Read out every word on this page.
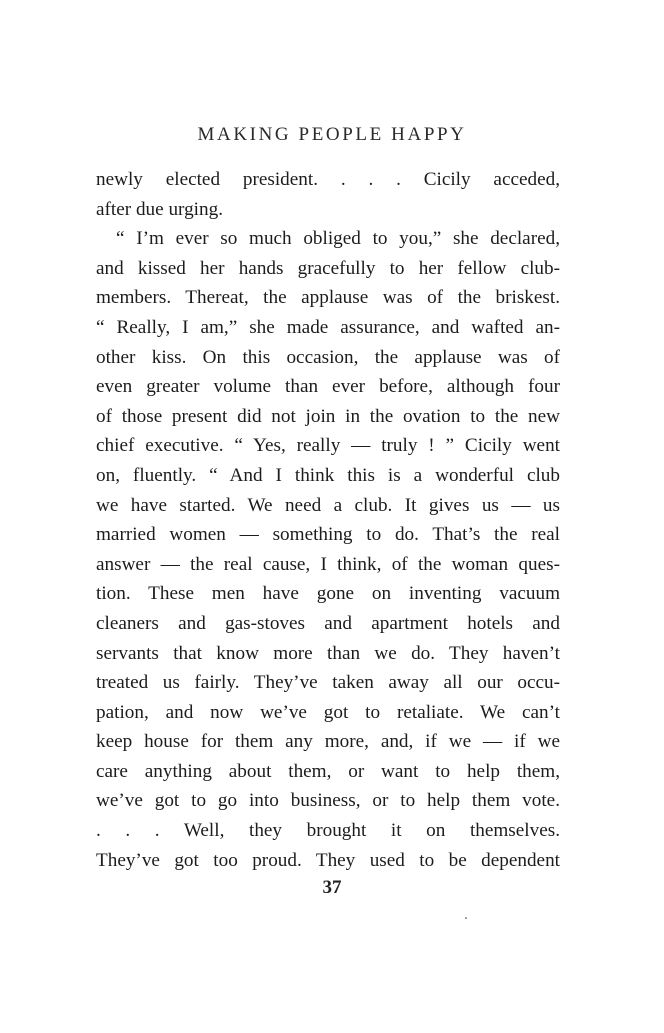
MAKING PEOPLE HAPPY
newly elected president. . . . Cicily acceded,
after due urging.
“ I’m ever so much obliged to you,” she declared,
and kissed her hands gracefully to her fellow club-
members. Thereat, the applause was of the briskest.
“ Really, I am,” she made assurance, and wafted an-
other kiss. On this occasion, the applause was of
even greater volume than ever before, although four
of those present did not join in the ovation to the new
chief executive. “ Yes, really — truly ! ” Cicily went
on, fluently. “ And I think this is a wonderful club
we have started. We need a club. It gives us — us
married women — something to do. That’s the real
answer — the real cause, I think, of the woman ques-
tion. These men have gone on inventing vacuum
cleaners and gas-stoves and apartment hotels and
servants that know more than we do. They haven’t
treated us fairly. They’ve taken away all our occu-
pation, and now we’ve got to retaliate. We can’t
keep house for them any more, and, if we — if we
care anything about them, or want to help them,
we’ve got to go into business, or to help them vote.
. . . Well, they brought it on themselves.
They’ve got too proud. They used to be dependent
37
